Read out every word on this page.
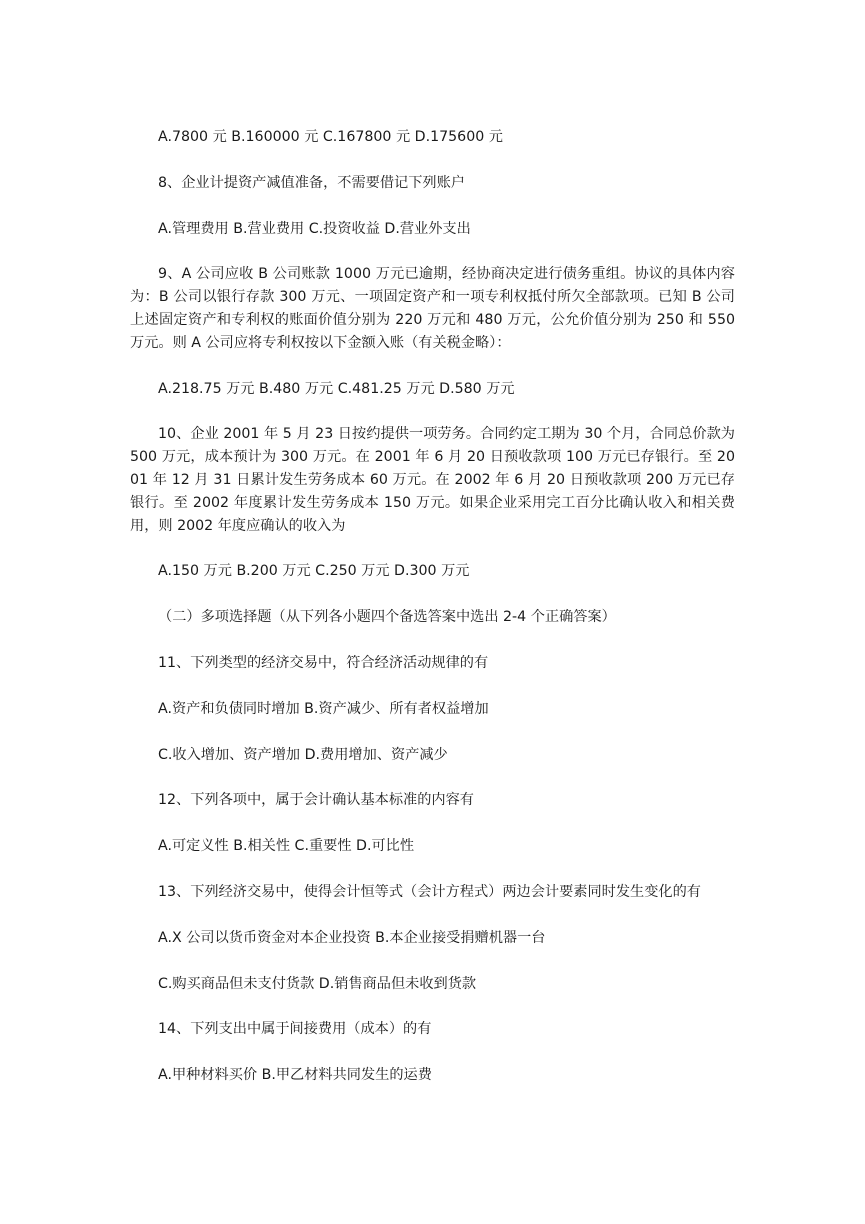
A.7800 元 B.160000 元 C.167800 元 D.175600 元

8、企业计提资产减值准备，不需要借记下列账户

A.管理费用 B.营业费用 C.投资收益 D.营业外支出

9、A 公司应收 B 公司账款 1000 万元已逾期，经协商决定进行债务重组。协议的具体内容为：B 公司以银行存款 300 万元、一项固定资产和一项专利权抵付所欠全部款项。已知 B 公司上述固定资产和专利权的账面价值分别为 220 万元和 480 万元，公允价值分别为 250 和 550 万元。则 A 公司应将专利权按以下金额入账（有关税金略）：

A.218.75 万元 B.480 万元 C.481.25 万元 D.580 万元

10、企业 2001 年 5 月 23 日按约提供一项劳务。合同约定工期为 30 个月，合同总价款为 500 万元，成本预计为 300 万元。在 2001 年 6 月 20 日预收款项 100 万元已存银行。至 2001 年 12 月 31 日累计发生劳务成本 60 万元。在 2002 年 6 月 20 日预收款项 200 万元已存银行。至 2002 年度累计发生劳务成本 150 万元。如果企业采用完工百分比确认收入和相关费用，则 2002 年度应确认的收入为

A.150 万元 B.200 万元 C.250 万元 D.300 万元

（二）多项选择题（从下列各小题四个备选答案中选出 2-4 个正确答案）

11、下列类型的经济交易中，符合经济活动规律的有

A.资产和负债同时增加 B.资产减少、所有者权益增加

C.收入增加、资产增加 D.费用增加、资产减少

12、下列各项中，属于会计确认基本标准的内容有

A.可定义性 B.相关性 C.重要性 D.可比性

13、下列经济交易中，使得会计恒等式（会计方程式）两边会计要素同时发生变化的有

A.X 公司以货币资金对本企业投资 B.本企业接受捐赠机器一台

C.购买商品但未支付货款 D.销售商品但未收到货款

14、下列支出中属于间接费用（成本）的有

A.甲种材料买价 B.甲乙材料共同发生的运费
